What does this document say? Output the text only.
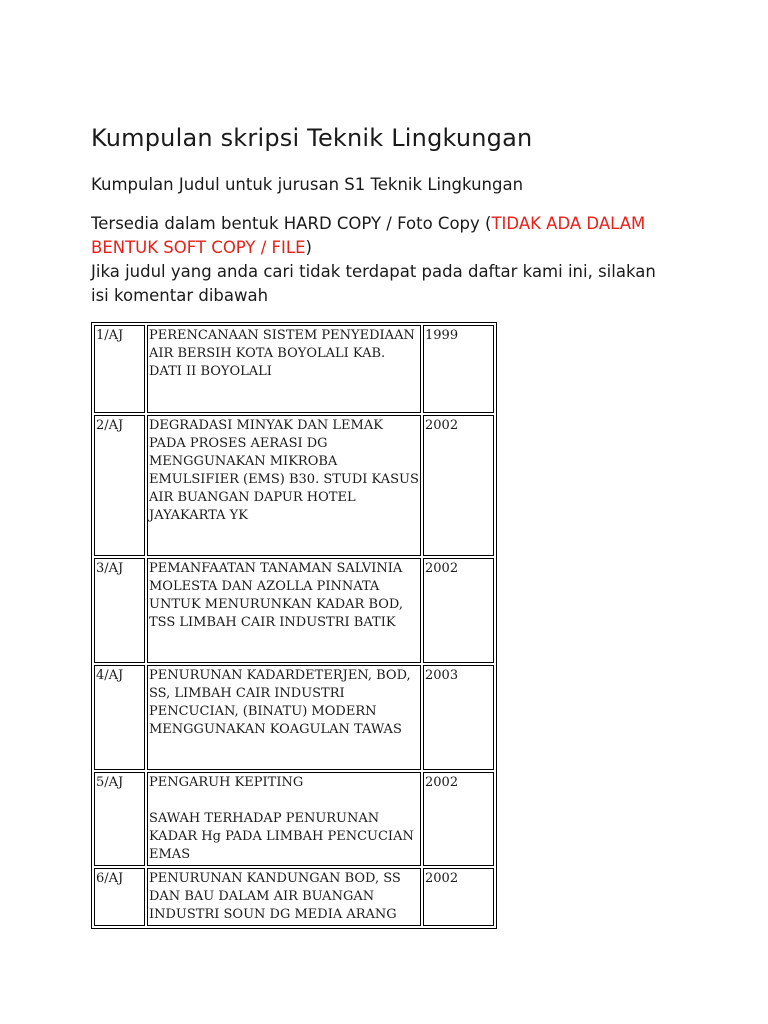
Kumpulan skripsi Teknik Lingkungan

Kumpulan Judul untuk jurusan S1 Teknik Lingkungan

Tersedia dalam bentuk HARD COPY / Foto Copy (TIDAK ADA DALAM BENTUK SOFT COPY / FILE)
Jika judul yang anda cari tidak terdapat pada daftar kami ini, silakan isi komentar dibawah

1/AJ	PERENCANAAN SISTEM PENYEDIAAN AIR BERSIH KOTA BOYOLALI KAB. DATI II BOYOLALI	1999
2/AJ	DEGRADASI MINYAK DAN LEMAK PADA PROSES AERASI DG MENGGUNAKAN MIKROBA EMULSIFIER (EMS) B30. STUDI KASUS AIR BUANGAN DAPUR HOTEL JAYAKARTA YK	2002
3/AJ	PEMANFAATAN TANAMAN SALVINIA MOLESTA DAN AZOLLA PINNATA UNTUK MENURUNKAN KADAR BOD, TSS LIMBAH CAIR INDUSTRI BATIK	2002
4/AJ	PENURUNAN KADARDETERJEN, BOD, SS, LIMBAH CAIR INDUSTRI PENCUCIAN, (BINATU) MODERN MENGGUNAKAN KOAGULAN TAWAS	2003
5/AJ	PENGARUH KEPITING
SAWAH TERHADAP PENURUNAN KADAR Hg PADA LIMBAH PENCUCIAN EMAS	2002
6/AJ	PENURUNAN KANDUNGAN BOD, SS DAN BAU DALAM AIR BUANGAN INDUSTRI SOUN DG MEDIA ARANG	2002
